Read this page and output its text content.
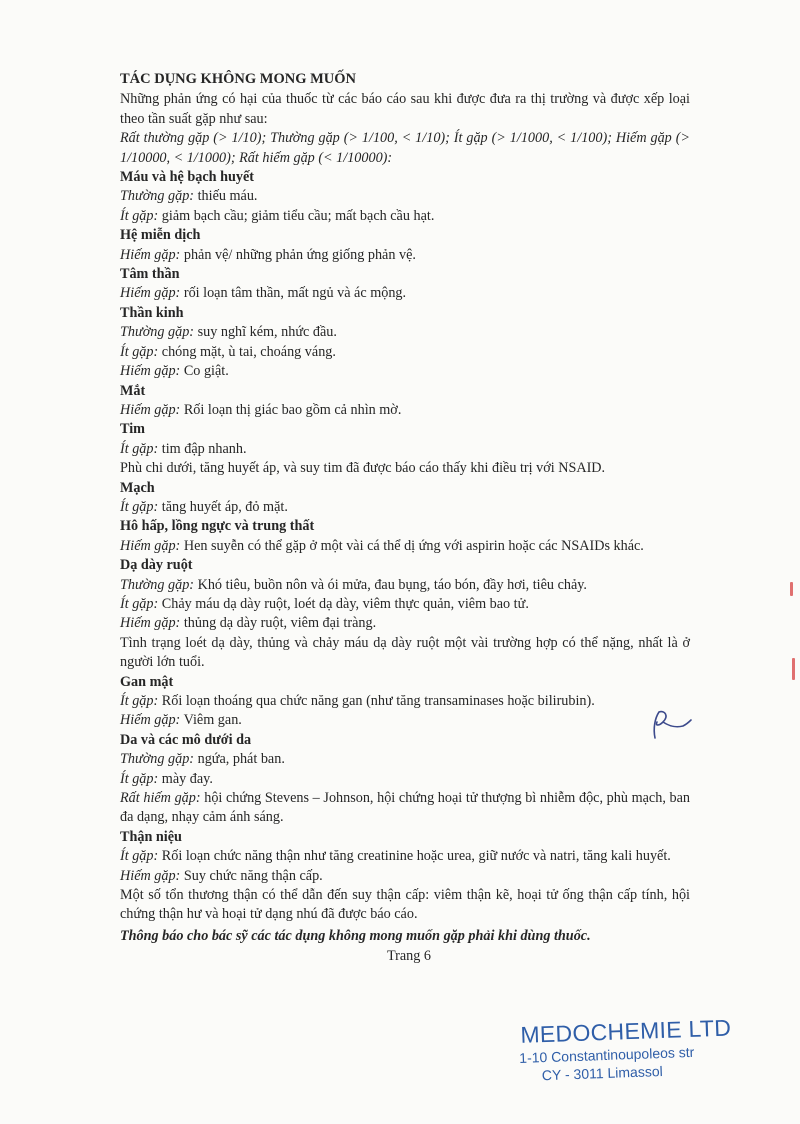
TÁC DỤNG KHÔNG MONG MUỐN

Những phản ứng có hại của thuốc từ các báo cáo sau khi được đưa ra thị trường và được xếp loại theo tần suất gặp như sau:

Rất thường gặp (> 1/10); Thường gặp (> 1/100, < 1/10); Ít gặp (> 1/1000, < 1/100); Hiếm gặp (> 1/10000, < 1/1000); Rất hiếm gặp (< 1/10000):

Máu và hệ bạch huyết

Thường gặp: thiếu máu.

Ít gặp: giảm bạch cầu; giảm tiểu cầu; mất bạch cầu hạt.

Hệ miễn dịch

Hiếm gặp: phản vệ/ những phản ứng giống phản vệ.

Tâm thần

Hiếm gặp: rối loạn tâm thần, mất ngủ và ác mộng.

Thần kinh

Thường gặp: suy nghĩ kém, nhức đầu.

Ít gặp: chóng mặt, ù tai, choáng váng.

Hiếm gặp: Co giật.

Mắt

Hiếm gặp: Rối loạn thị giác bao gồm cả nhìn mờ.

Tim

Ít gặp: tim đập nhanh.

Phù chi dưới, tăng huyết áp, và suy tim đã được báo cáo thấy khi điều trị với NSAID.

Mạch

Ít gặp: tăng huyết áp, đỏ mặt.

Hô hấp, lồng ngực và trung thất

Hiếm gặp: Hen suyễn có thể gặp ở một vài cá thể dị ứng với aspirin hoặc các NSAIDs khác.

Dạ dày ruột

Thường gặp: Khó tiêu, buồn nôn và ói mửa, đau bụng, táo bón, đầy hơi, tiêu chảy.

Ít gặp: Chảy máu dạ dày ruột, loét dạ dày, viêm thực quản, viêm bao tử.

Hiếm gặp: thủng dạ dày ruột, viêm đại tràng.

Tình trạng loét dạ dày, thủng và chảy máu dạ dày ruột một vài trường hợp có thể nặng, nhất là ở người lớn tuổi.

Gan mật

Ít gặp: Rối loạn thoáng qua chức năng gan (như tăng transaminases hoặc bilirubin).

Hiếm gặp: Viêm gan.

Da và các mô dưới da

Thường gặp: ngứa, phát ban.

Ít gặp: mày đay.

Rất hiếm gặp: hội chứng Stevens – Johnson, hội chứng hoại tử thượng bì nhiễm độc, phù mạch, ban đa dạng, nhạy cảm ánh sáng.

Thận niệu

Ít gặp: Rối loạn chức năng thận như tăng creatinine hoặc urea, giữ nước và natri, tăng kali huyết.

Hiếm gặp: Suy chức năng thận cấp.

Một số tổn thương thận có thể dẫn đến suy thận cấp: viêm thận kẽ, hoại tử ống thận cấp tính, hội chứng thận hư và hoại tử dạng nhú đã được báo cáo.

Thông báo cho bác sỹ các tác dụng không mong muốn gặp phải khi dùng thuốc.

Trang 6

MEDOCHEMIE LTD
1-10 Constantinoupoleos str
CY - 3011 Limassol
